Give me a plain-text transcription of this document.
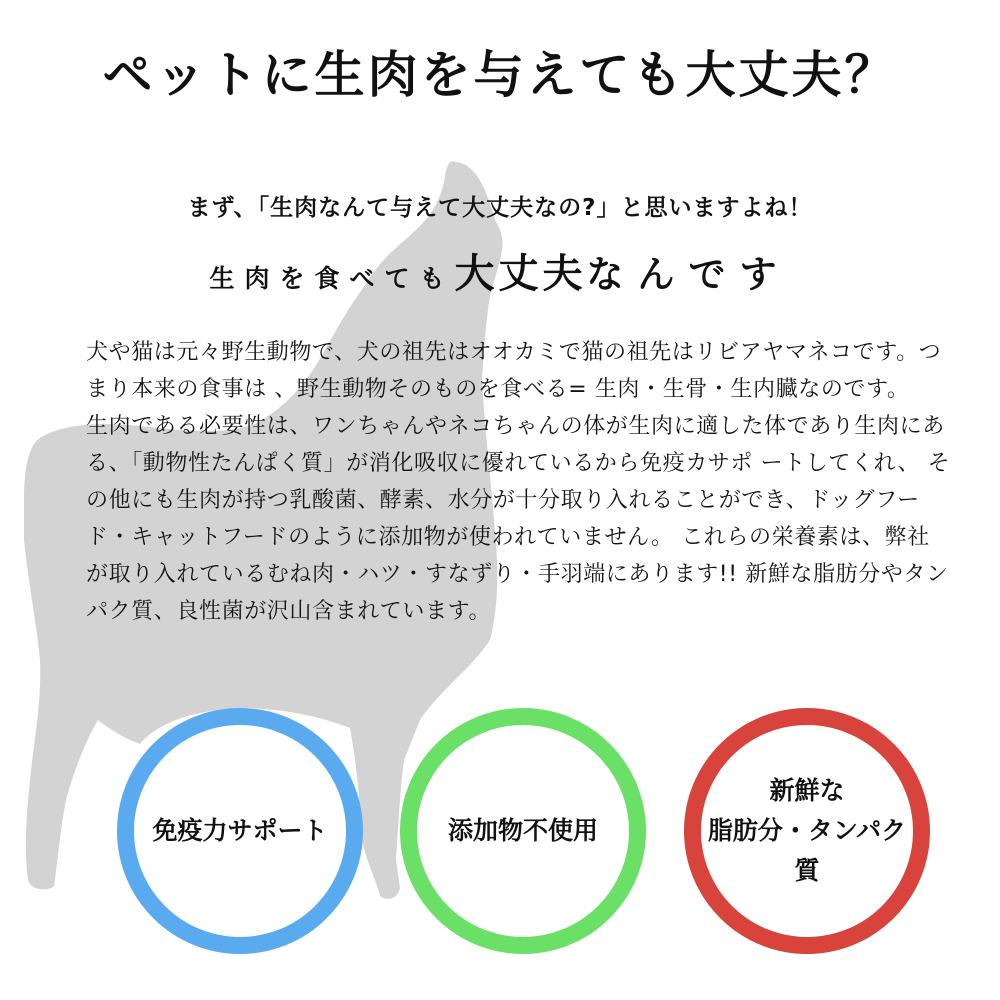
ペットに生肉を与えても大丈夫？
まず、「生肉なんて与えて大丈夫なの?」と思いますよね！
生肉を食べても大丈夫なんです

犬や猫は元々野生動物で、犬の祖先はオオカミで猫の祖先はリビアヤマネコです。つまり本来の食事は 、野生動物そのものを食べる= 生肉・生骨・生内臓なのです。

生肉である必要性は、ワンちゃんやネコちゃんの体が生肉に適した体であり生肉にある、「動物性たんぱく質」が消化吸収に優れているから免疫カサポ ートしてくれ、 その他にも生肉が持つ乳酸菌、酵素、水分が十分取り入れることができ、ドッグフード・キャットフードのように添加物が使われていません。 これらの栄養素は、弊社が取り入れているむね肉・ハツ・すなずり・手羽端にあります!! 新鮮な脂肪分やタンパク質、良性菌が沢山含まれています。

免疫力サポート	添加物不使用
新鮮な
脂肪分・タンパク質
